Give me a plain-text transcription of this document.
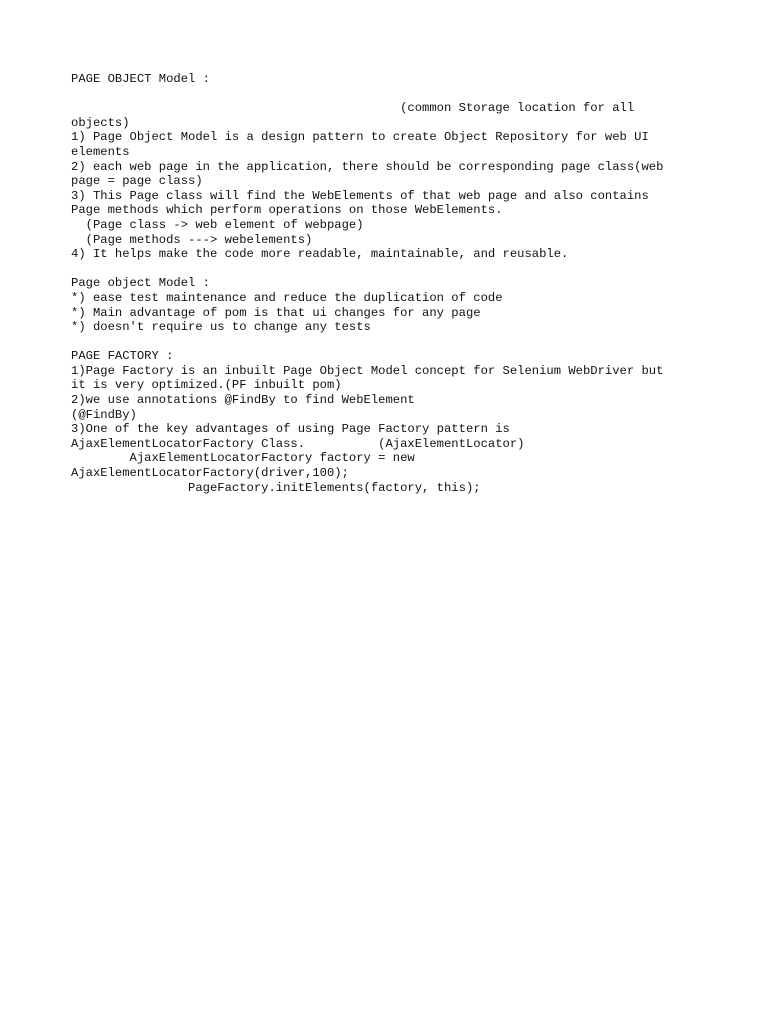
PAGE OBJECT Model :
(common Storage location for all
objects)
1) Page Object Model is a design pattern to create Object Repository for web UI
elements
2) each web page in the application, there should be corresponding page class(web
page = page class)
3) This Page class will find the WebElements of that web page and also contains
Page methods which perform operations on those WebElements.
(Page class -> web element of webpage)
(Page methods ---> webelements)
4) It helps make the code more readable, maintainable, and reusable.
Page object Model :
*) ease test maintenance and reduce the duplication of code
*) Main advantage of pom is that ui changes for any page
*) doesn't require us to change any tests
PAGE FACTORY :
1)Page Factory is an inbuilt Page Object Model concept for Selenium WebDriver but
it is very optimized.(PF inbuilt pom)
2)we use annotations @FindBy to find WebElement
(@FindBy)
3)One of the key advantages of using Page Factory pattern is
AjaxElementLocatorFactory Class.          (AjaxElementLocator)
AjaxElementLocatorFactory factory = new
AjaxElementLocatorFactory(driver,100);
PageFactory.initElements(factory, this);
